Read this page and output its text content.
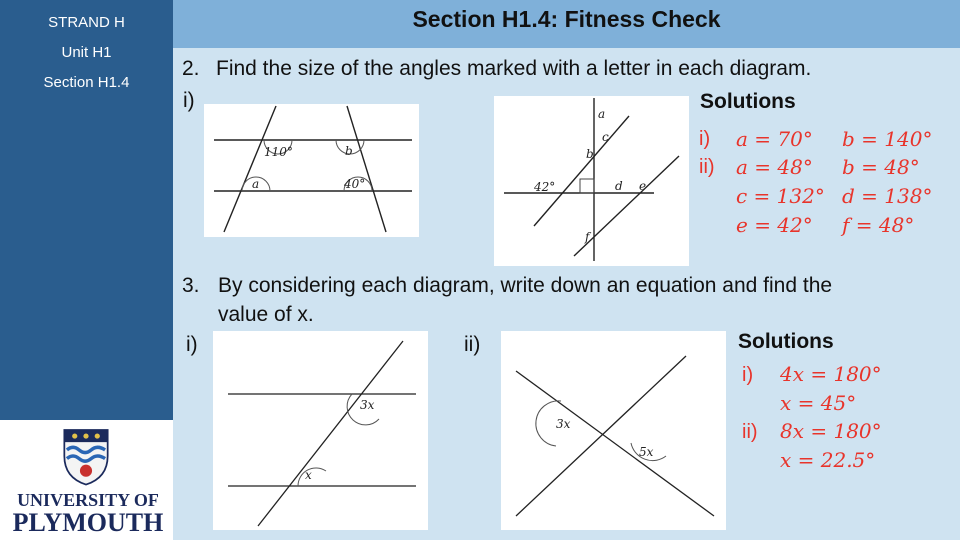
STRAND H
Unit H1
Section H1.4
UNIVERSITY OF
PLYMOUTH
Section H1.4: Fitness Check
2. Find the size of the angles marked with a letter in each diagram.
i)
110°	b
a	40°
a
b
c
42°	d e
f
Solutions
i) a = 70° b = 140°
ii) a = 48° b = 48°
c = 132° d = 138°
e = 42° f = 48°
3. By considering each diagram, write down an equation and find the
value of x.
i)	ii)
3x
x
3x
5x
Solutions
i) 4x = 180°
x = 45°
ii) 8x = 180°
x = 22.5°
